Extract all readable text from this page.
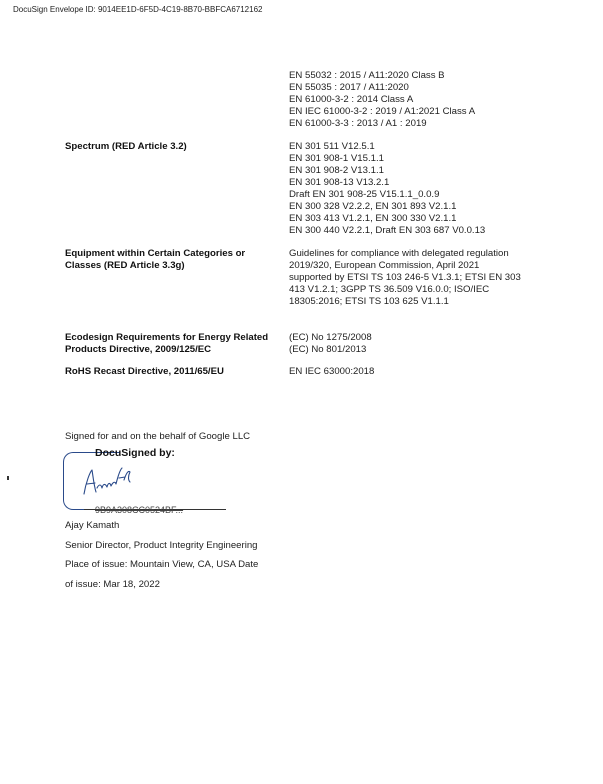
DocuSign Envelope ID: 9014EE1D-6F5D-4C19-8B70-BBFCA6712162
EN 55032 : 2015 / A11:2020 Class B
EN 55035 : 2017 / A11:2020
EN 61000-3-2 : 2014 Class A
EN IEC 61000-3-2 : 2019 / A1:2021 Class A
EN 61000-3-3 : 2013 / A1 : 2019
Spectrum (RED Article 3.2)	EN 301 511 V12.5.1
EN 301 908-1 V15.1.1
EN 301 908-2 V13.1.1
EN 301 908-13 V13.2.1
Draft EN 301 908-25 V15.1.1_0.0.9
EN 300 328 V2.2.2, EN 301 893 V2.1.1
EN 303 413 V1.2.1, EN 300 330 V2.1.1
EN 300 440 V2.2.1, Draft EN 303 687 V0.0.13
Equipment within Certain Categories or
Classes (RED Article 3.3g)
Guidelines for compliance with delegated regulation
2019/320, European Commission, April 2021
supported by ETSI TS 103 246-5 V1.3.1; ETSI EN 303
413 V1.2.1; 3GPP TS 36.509 V16.0.0; ISO/IEC
18305:2016; ETSI TS 103 625 V1.1.1
Ecodesign Requirements for Energy Related
Products Directive, 2009/125/EC
(EC) No 1275/2008
(EC) No 801/2013
RoHS Recast Directive, 2011/65/EU	EN IEC 63000:2018
Signed for and on the behalf of Google LLC
DocuSigned by:
9B9A308CC0524BF...
Ajay Kamath
Senior Director, Product Integrity Engineering
Place of issue: Mountain View, CA, USA Date
of issue: Mar 18, 2022
